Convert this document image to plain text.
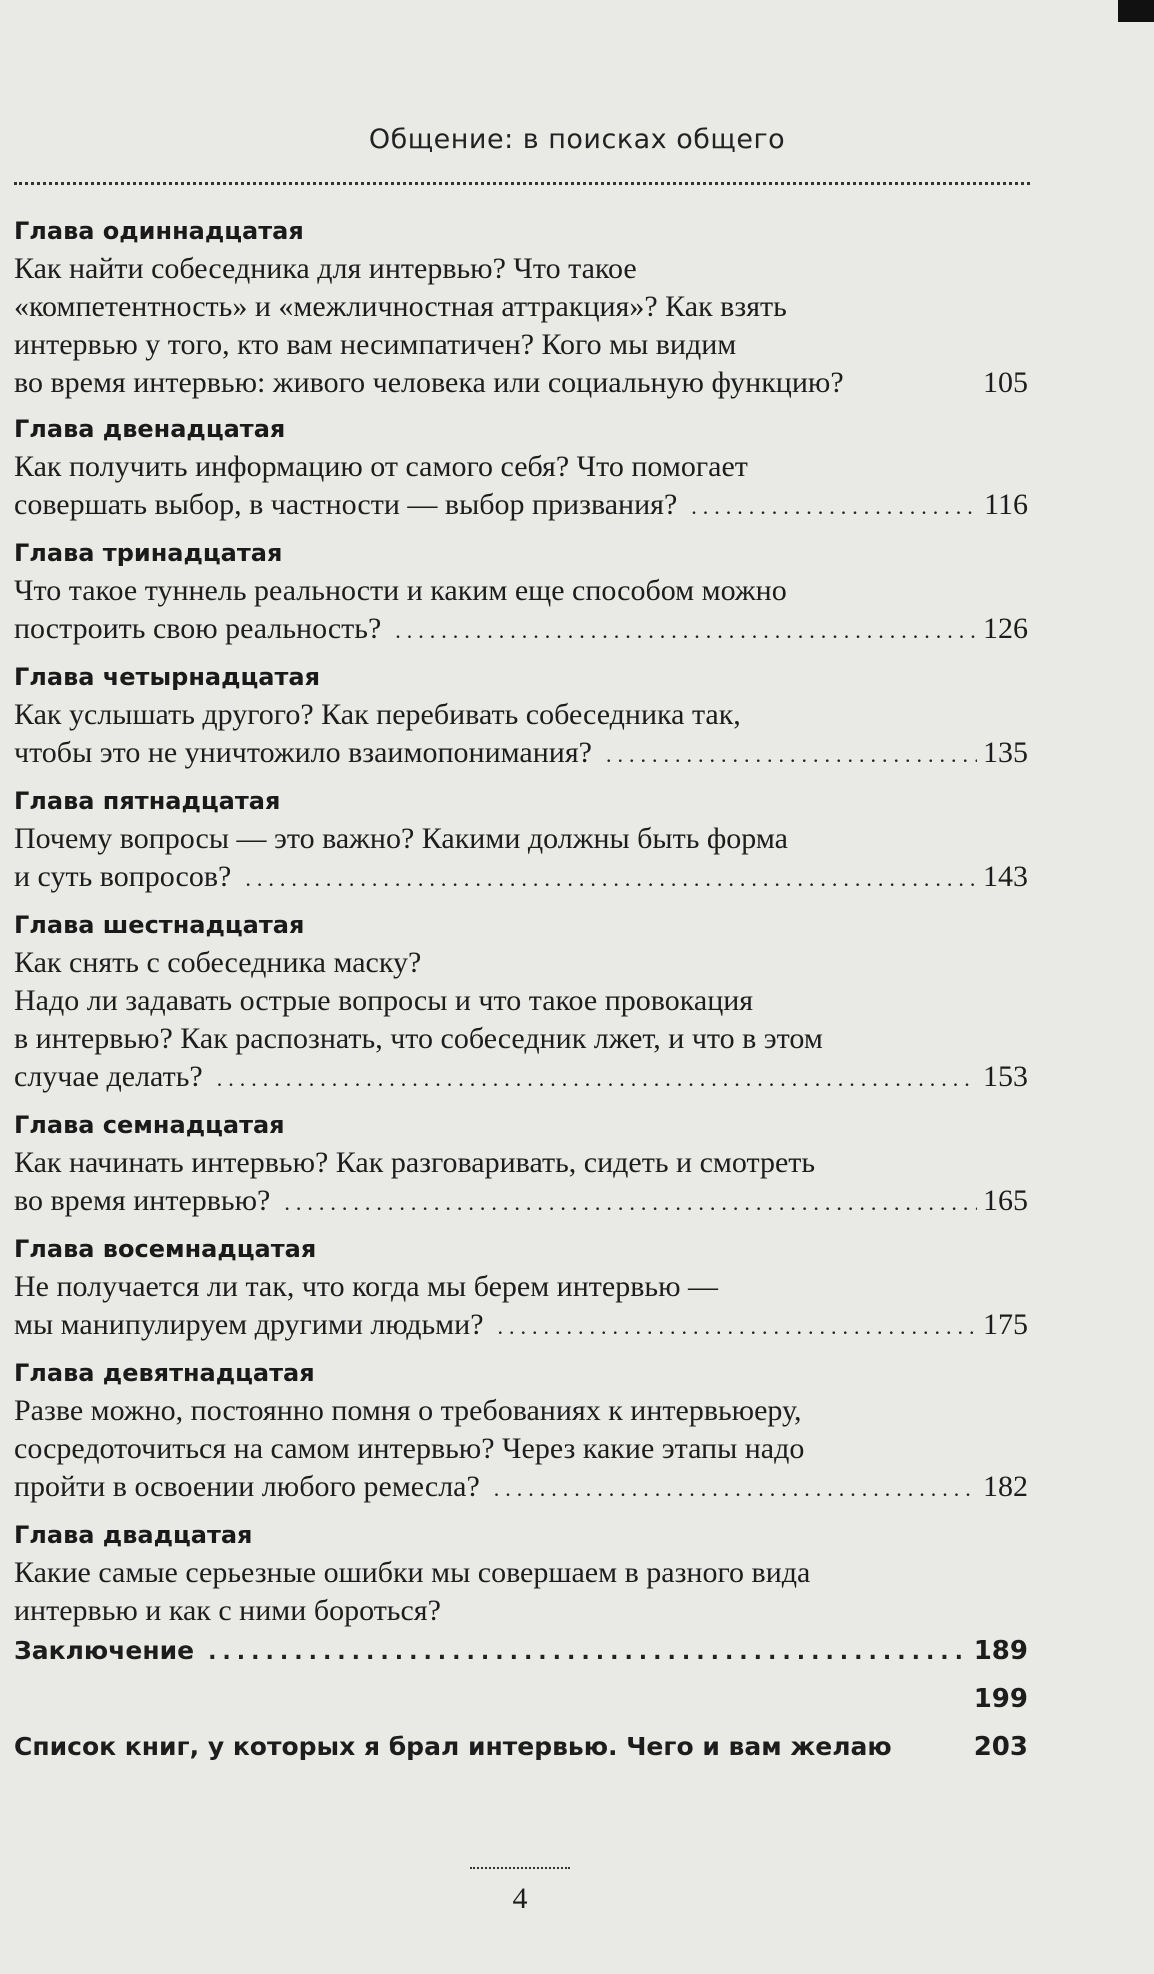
Общение: в поисках общего
Глава одиннадцатая
Как найти собеседника для интервью? Что такое
«компетентность» и «межличностная аттракция»? Как взять
интервью у того, кто вам несимпатичен? Кого мы видим
во время интервью: живого человека или социальную функцию?	105
Глава двенадцатая
Как получить информацию от самого себя? Что помогает
совершать выбор, в частности — выбор призвания? .....	116
Глава тринадцатая
Что такое туннель реальности и каким еще способом можно
построить свою реальность? .....	126
Глава четырнадцатая
Как услышать другого? Как перебивать собеседника так,
чтобы это не уничтожило взаимопонимания? .....	135
Глава пятнадцатая
Почему вопросы — это важно? Какими должны быть форма
и суть вопросов? .....	143
Глава шестнадцатая
Как снять с собеседника маску?
Надо ли задавать острые вопросы и что такое провокация
в интервью? Как распознать, что собеседник лжет, и что в этом
случае делать? .....	153
Глава семнадцатая
Как начинать интервью? Как разговаривать, сидеть и смотреть
во время интервью? .....	165
Глава восемнадцатая
Не получается ли так, что когда мы берем интервью —
мы манипулируем другими людьми? .....	175
Глава девятнадцатая
Разве можно, постоянно помня о требованиях к интервьюеру,
сосредоточиться на самом интервью? Через какие этапы надо
пройти в освоении любого ремесла? .....	182
Глава двадцатая
Какие самые серьезные ошибки мы совершаем в разного вида
интервью и как с ними бороться?
Заключение .....	189
199
Список книг, у которых я брал интервью. Чего и вам желаю	203
4
